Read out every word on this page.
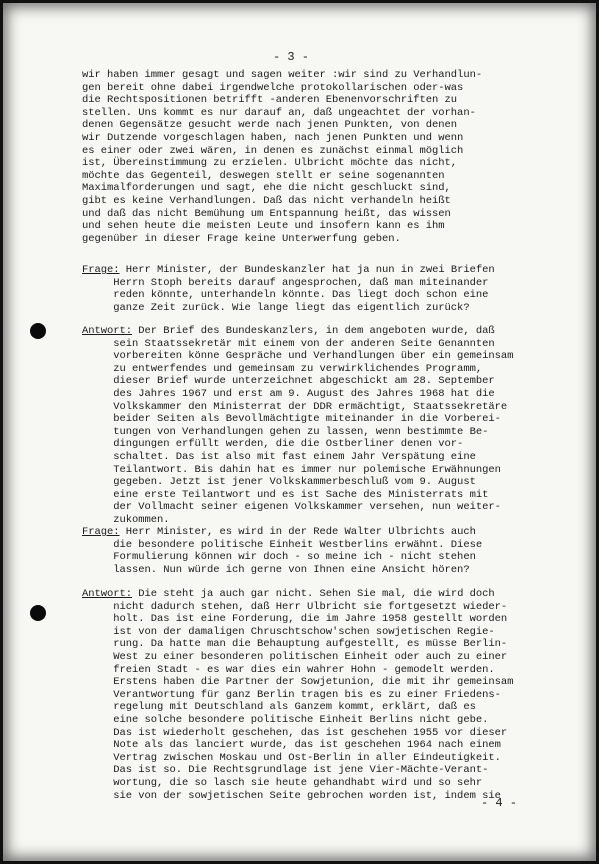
- 3 -
wir haben immer gesagt und sagen weiter :wir sind zu Verhandlun-
gen bereit ohne dabei irgendwelche protokollarischen oder-was
die Rechtspositionen betrifft -anderen Ebenenvorschriften zu
stellen. Uns kommt es nur darauf an, daß ungeachtet der vorhan-
denen Gegensätze gesucht werde nach jenen Punkten, von denen
wir Dutzende vorgeschlagen haben, nach jenen Punkten und wenn
es einer oder zwei wären, in denen es zunächst einmal möglich
ist, Übereinstimmung zu erzielen. Ulbricht möchte das nicht,
möchte das Gegenteil, deswegen stellt er seine sogenannten
Maximalforderungen und sagt, ehe die nicht geschluckt sind,
gibt es keine Verhandlungen. Daß das nicht verhandeln heißt
und daß das nicht Bemühung um Entspannung heißt, das wissen
und sehen heute die meisten Leute und insofern kann es ihm
gegenüber in dieser Frage keine Unterwerfung geben.
Frage: Herr Minister, der Bundeskanzler hat ja nun in zwei Briefen
Herrn Stoph bereits darauf angesprochen, daß man miteinander
reden könnte, unterhandeln könnte. Das liegt doch schon eine
ganze Zeit zurück. Wie lange liegt das eigentlich zurück?
Antwort: Der Brief des Bundeskanzlers, in dem angeboten wurde, daß
sein Staatssekretär mit einem von der anderen Seite Genannten
vorbereiten könne Gespräche und Verhandlungen über ein gemeinsam
zu entwerfendes und gemeinsam zu verwirklichendes Programm,
dieser Brief wurde unterzeichnet abgeschickt am 28. September
des Jahres 1967 und erst am 9. August des Jahres 1968 hat die
Volkskammer den Ministerrat der DDR ermächtigt, Staatssekretäre
beider Seiten als Bevollmächtigte miteinander in die Vorberei-
tungen von Verhandlungen gehen zu lassen, wenn bestimmte Be-
dingungen erfüllt werden, die die Ostberliner denen vor-
schaltet. Das ist also mit fast einem Jahr Verspätung eine
Teilantwort. Bis dahin hat es immer nur polemische Erwähnungen
gegeben. Jetzt ist jener Volkskammerbeschluß vom 9. August
eine erste Teilantwort und es ist Sache des Ministerrats mit
der Vollmacht seiner eigenen Volkskammer versehen, nun weiter-
zukommen.
Frage: Herr Minister, es wird in der Rede Walter Ulbrichts auch
die besondere politische Einheit Westberlins erwähnt. Diese
Formulierung können wir doch - so meine ich - nicht stehen
lassen. Nun würde ich gerne von Ihnen eine Ansicht hören?
Antwort: Die steht ja auch gar nicht. Sehen Sie mal, die wird doch
nicht dadurch stehen, daß Herr Ulbricht sie fortgesetzt wieder-
holt. Das ist eine Forderung, die im Jahre 1958 gestellt worden
ist von der damaligen Chruschtschow'schen sowjetischen Regie-
rung. Da hatte man die Behauptung aufgestellt, es müsse Berlin-
West zu einer besonderen politischen Einheit oder auch zu einer
freien Stadt - es war dies ein wahrer Hohn - gemodelt werden.
Erstens haben die Partner der Sowjetunion, die mit ihr gemeinsam
Verantwortung für ganz Berlin tragen bis es zu einer Friedens-
regelung mit Deutschland als Ganzem kommt, erklärt, daß es
eine solche besondere politische Einheit Berlins nicht gebe.
Das ist wiederholt geschehen, das ist geschehen 1955 vor dieser
Note als das lanciert wurde, das ist geschehen 1964 nach einem
Vertrag zwischen Moskau und Ost-Berlin in aller Eindeutigkeit.
Das ist so. Die Rechtsgrundlage ist jene Vier-Mächte-Verant-
wortung, die so lasch sie heute gehandhabt wird und so sehr
sie von der sowjetischen Seite gebrochen worden ist, indem sie
- 4 -
